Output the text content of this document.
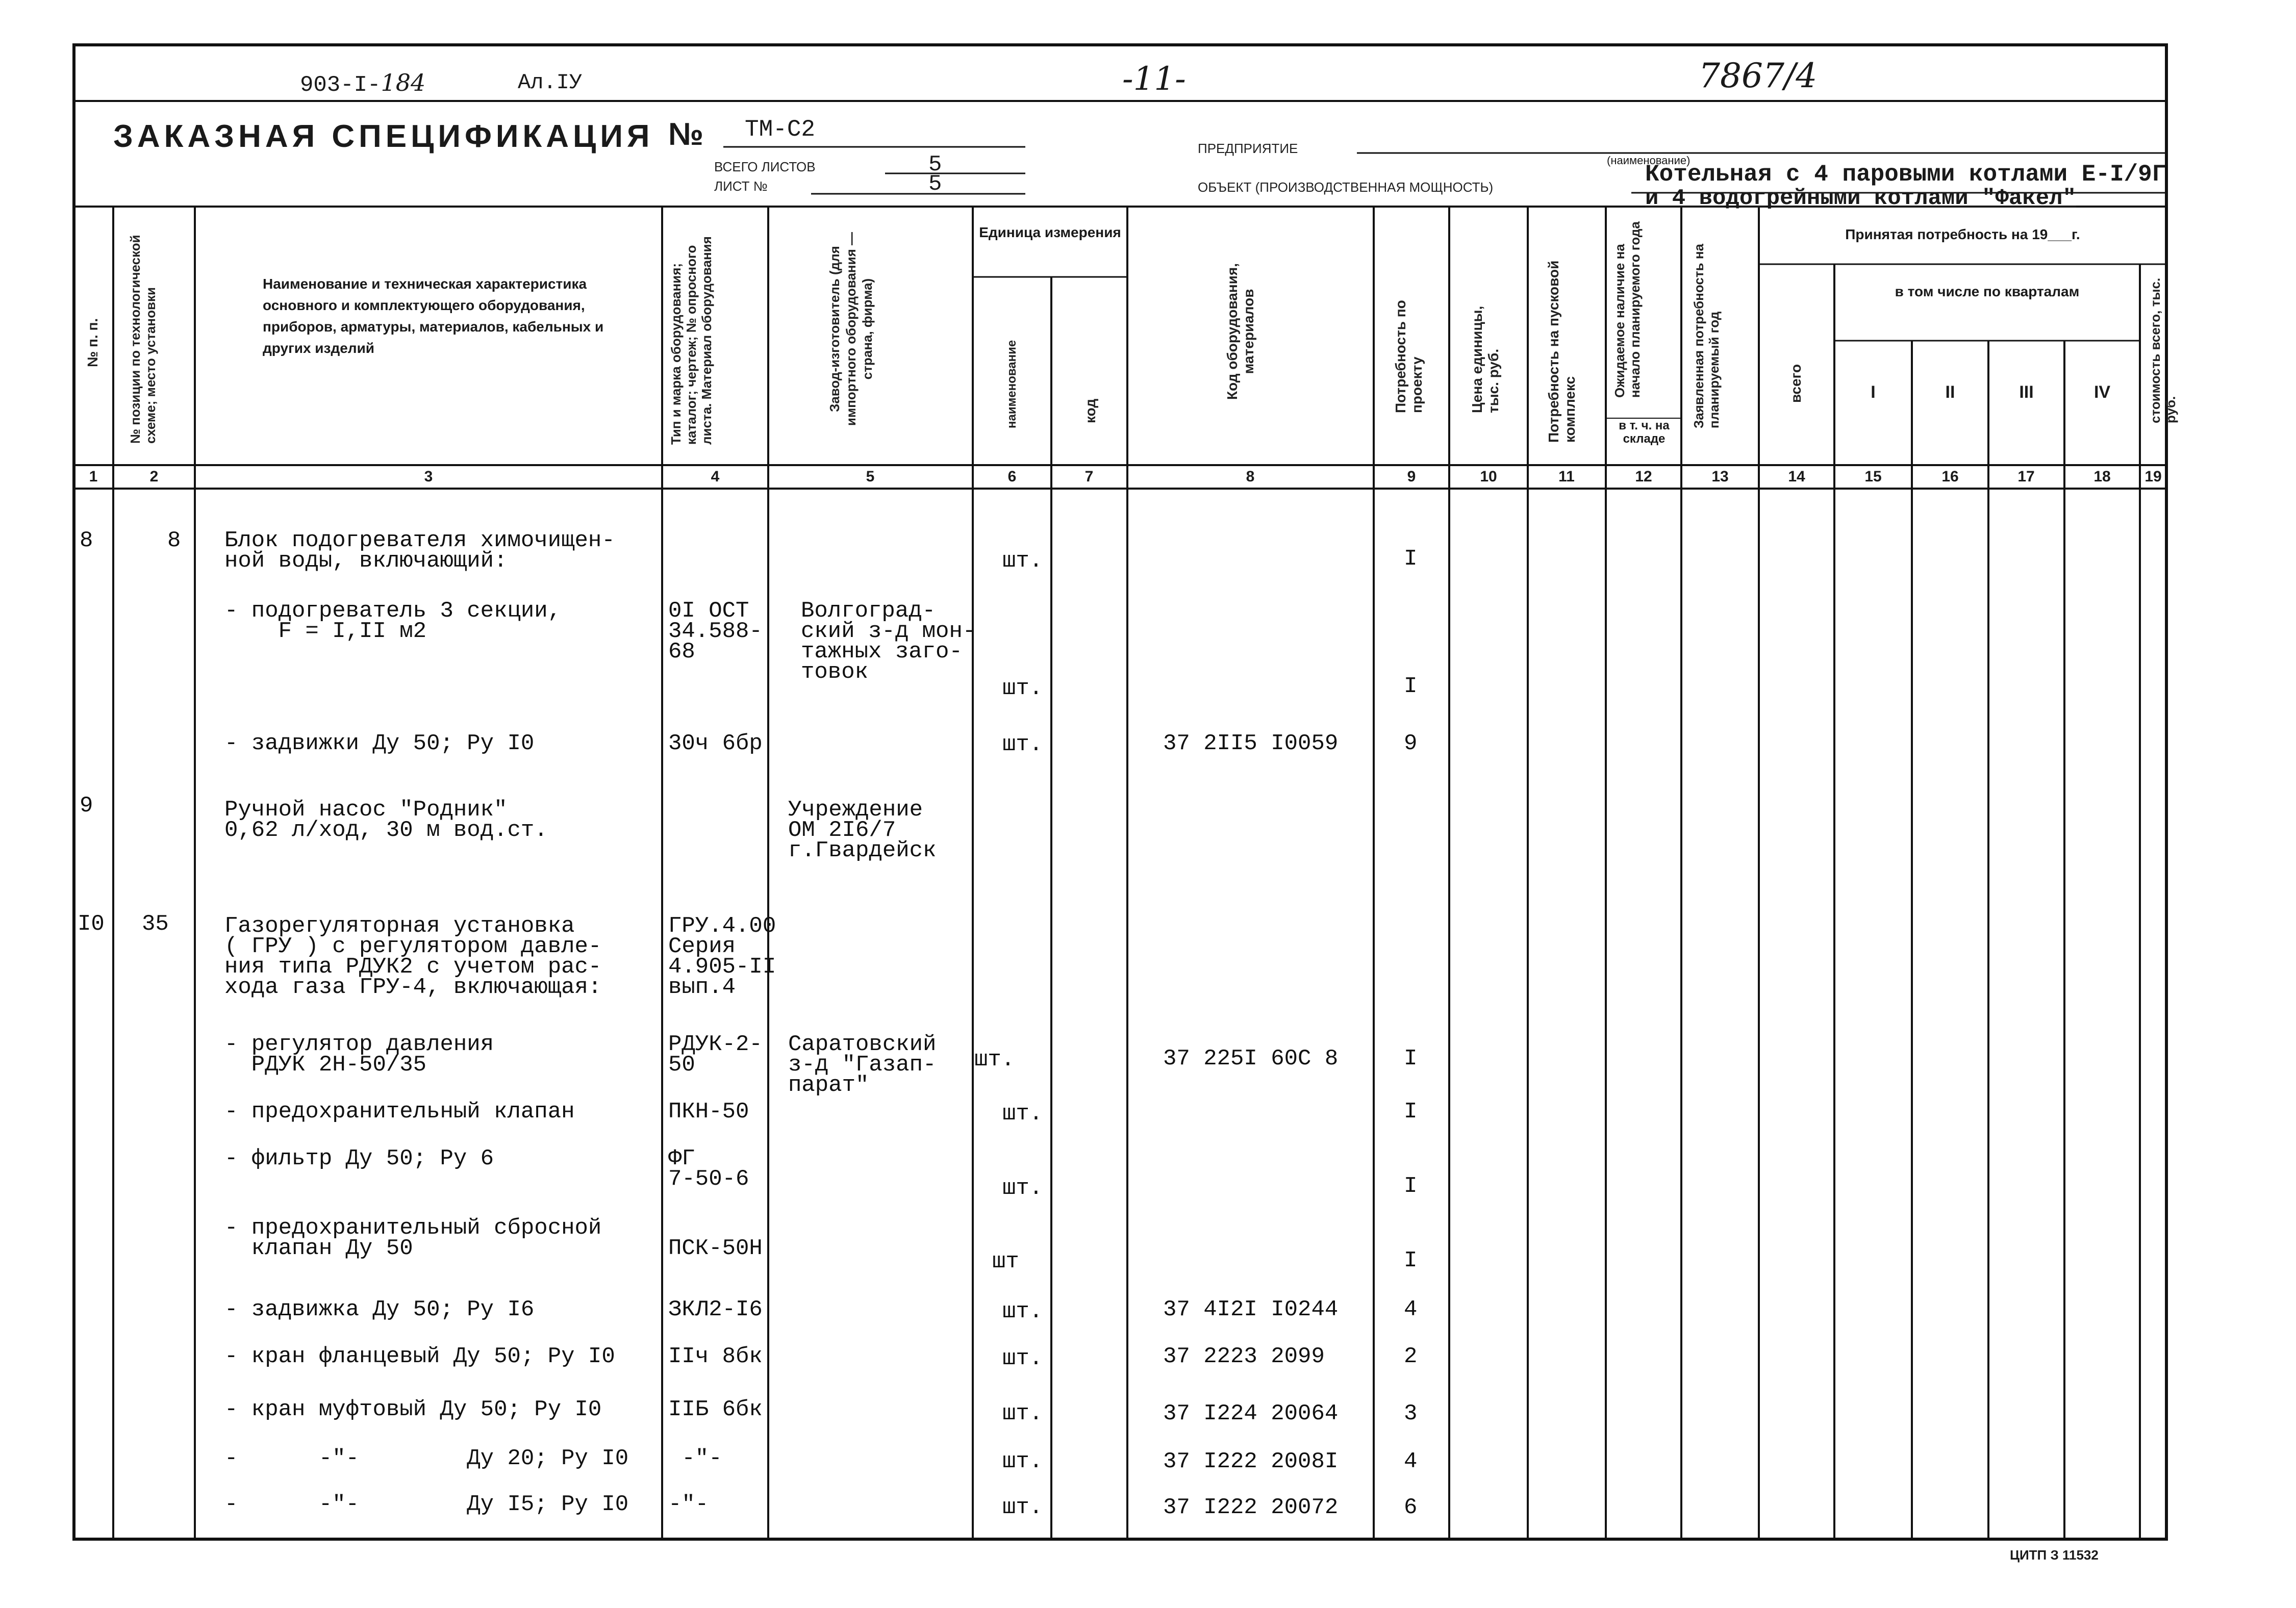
903-I-184	Ал.IУ	-11-	7867/4
ЗАКАЗНАЯ СПЕЦИФИКАЦИЯ № ТМ-С2
ВСЕГО ЛИСТОВ	5
ЛИСТ №	5
ПРЕДПРИЯТИЕ
ОБЪЕКТ (ПРОИЗВОДСТВЕННАЯ МОЩНОСТЬ)
(наименование)
Котельная с 4 паровыми котлами Е-I/9Г
и 4 водогрейными котлами "Факел"
№ п. п. № позиции по технологической схеме; место установки
Наименование и техническая характеристика основного и комплектующего оборудования, приборов, арматуры, материалов, кабельных и других изделий	Тип и марка оборудования; каталог; чертеж; № опросного листа. Материал оборудования	Завод-изготовитель (для импортного оборудования —страна, фирма)
Единица измерения
наименование	код
Код оборудования, материалов	Потребность по проекту	Цена единицы, тыс. руб.	Потребность на пусковой комплекс
Ожидаемое наличие на начало планируемого года
в т. ч. на складе
Заявленная потребность на планируемый год
Принятая потребность на 19___г.
всего
в том числе по кварталам
I	II	III	IV	стоимость всего, тыс. руб.
1	2	3	4	5	6	7	8	9	10	11	12	13	14	15	16	17	18	19
8	8 Блок подогревателя химочищен-
ной воды, включающий:	шт.	I
- подогреватель 3 секции,
F = I,II м2
0I ОСТ
34.588-
68
Волгоград-
ский з-д мон-
тажных заго-
товок
шт.	I
- задвижки Ду 50; Ру I0	30ч 6бр	шт.	37 2II5 I0059	9
9	Ручной насос "Родник"
0,62 л/ход, 30 м вод.ст.
Учреждение
ОМ 2I6/7
г.Гвардейск
I0 35 Газорегуляторная установка
( ГРУ ) с регулятором давле-
ния типа РДУК2 с учетом рас-
хода газа ГРУ-4, включающая:
ГРУ.4.00
Серия
4.905-II
вып.4
- регулятор давления
РДУК 2Н-50/35
РДУК-2-
50
Саратовский
з-д "Газап-
парат"
шт.	37 225I 60С 8	I
- предохранительный клапан	ПКН-50	шт.	I
- фильтр Ду 50; Ру 6	ФГ
7-50-6	шт.	I
- предохранительный сбросной
клапан Ду 50	ПСК-50Н
шт	I
- задвижка Ду 50; Ру I6	ЗКЛ2-I6	шт.	37 4I2I I0244	4
- кран фланцевый Ду 50; Ру I0 IIч 8бк	шт.	37 2223 2099	2
- кран муфтовый Ду 50; Ру I0	IIБ 6бк	шт.	37 I224 20064	3
-      -"-        Ду 20; Ру I0 -"-	шт.	37 I222 2008I	4
-      -"-        Ду I5; Ру I0 -"-	шт.	37 I222 20072	6
ЦИТП З 11532
